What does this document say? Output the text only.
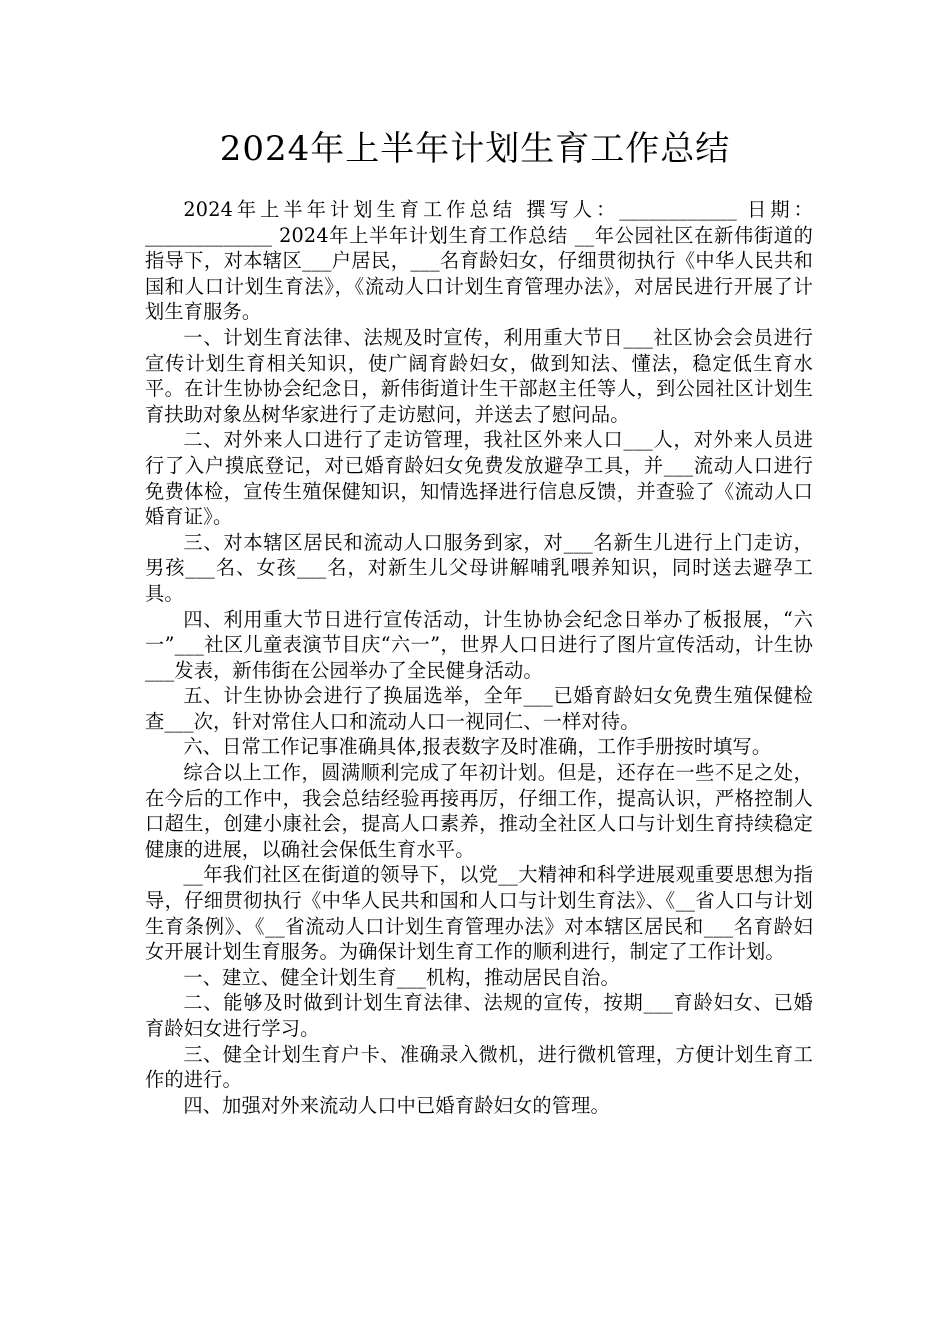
2024年上半年计划生育工作总结

2024年上半年计划生育工作总结 撰写人：____________ 日期：_____________ 2024年上半年计划生育工作总结 __年公园社区在新伟街道的指导下，对本辖区___户居民，___名育龄妇女，仔细贯彻执行《中华人民共和国和人口计划生育法》，《流动人口计划生育管理办法》，对居民进行开展了计划生育服务。

一、计划生育法律、法规及时宣传，利用重大节日___社区协会会员进行宣传计划生育相关知识，使广阔育龄妇女，做到知法、懂法，稳定低生育水平。在计生协协会纪念日，新伟街道计生干部赵主任等人，到公园社区计划生育扶助对象丛树华家进行了走访慰问，并送去了慰问品。

二、对外来人口进行了走访管理，我社区外来人口___人，对外来人员进行了入户摸底登记，对已婚育龄妇女免费发放避孕工具，并___流动人口进行免费体检，宣传生殖保健知识，知情选择进行信息反馈，并查验了《流动人口婚育证》。

三、对本辖区居民和流动人口服务到家，对___名新生儿进行上门走访，男孩___名、女孩___名，对新生儿父母讲解哺乳喂养知识，同时送去避孕工具。

四、利用重大节日进行宣传活动，计生协协会纪念日举办了板报展，“六一”___社区儿童表演节目庆“六一”，世界人口日进行了图片宣传活动，计生协___发表，新伟街在公园举办了全民健身活动。

五、计生协协会进行了换届选举，全年___已婚育龄妇女免费生殖保健检查___次，针对常住人口和流动人口一视同仁、一样对待。

六、日常工作记事准确具体,报表数字及时准确，工作手册按时填写。

综合以上工作，圆满顺利完成了年初计划。但是，还存在一些不足之处，在今后的工作中，我会总结经验再接再厉，仔细工作，提高认识，严格控制人口超生，创建小康社会，提高人口素养，推动全社区人口与计划生育持续稳定健康的进展，以确社会保低生育水平。

__年我们社区在街道的领导下，以党__大精神和科学进展观重要思想为指导，仔细贯彻执行《中华人民共和国和人口与计划生育法》、《__省人口与计划生育条例》、《__省流动人口计划生育管理办法》对本辖区居民和___名育龄妇女开展计划生育服务。为确保计划生育工作的顺利进行，制定了工作计划。

一、建立、健全计划生育___机构，推动居民自治。

二、能够及时做到计划生育法律、法规的宣传，按期___育龄妇女、已婚育龄妇女进行学习。

三、健全计划生育户卡、准确录入微机，进行微机管理，方便计划生育工作的进行。

四、加强对外来流动人口中已婚育龄妇女的管理。
